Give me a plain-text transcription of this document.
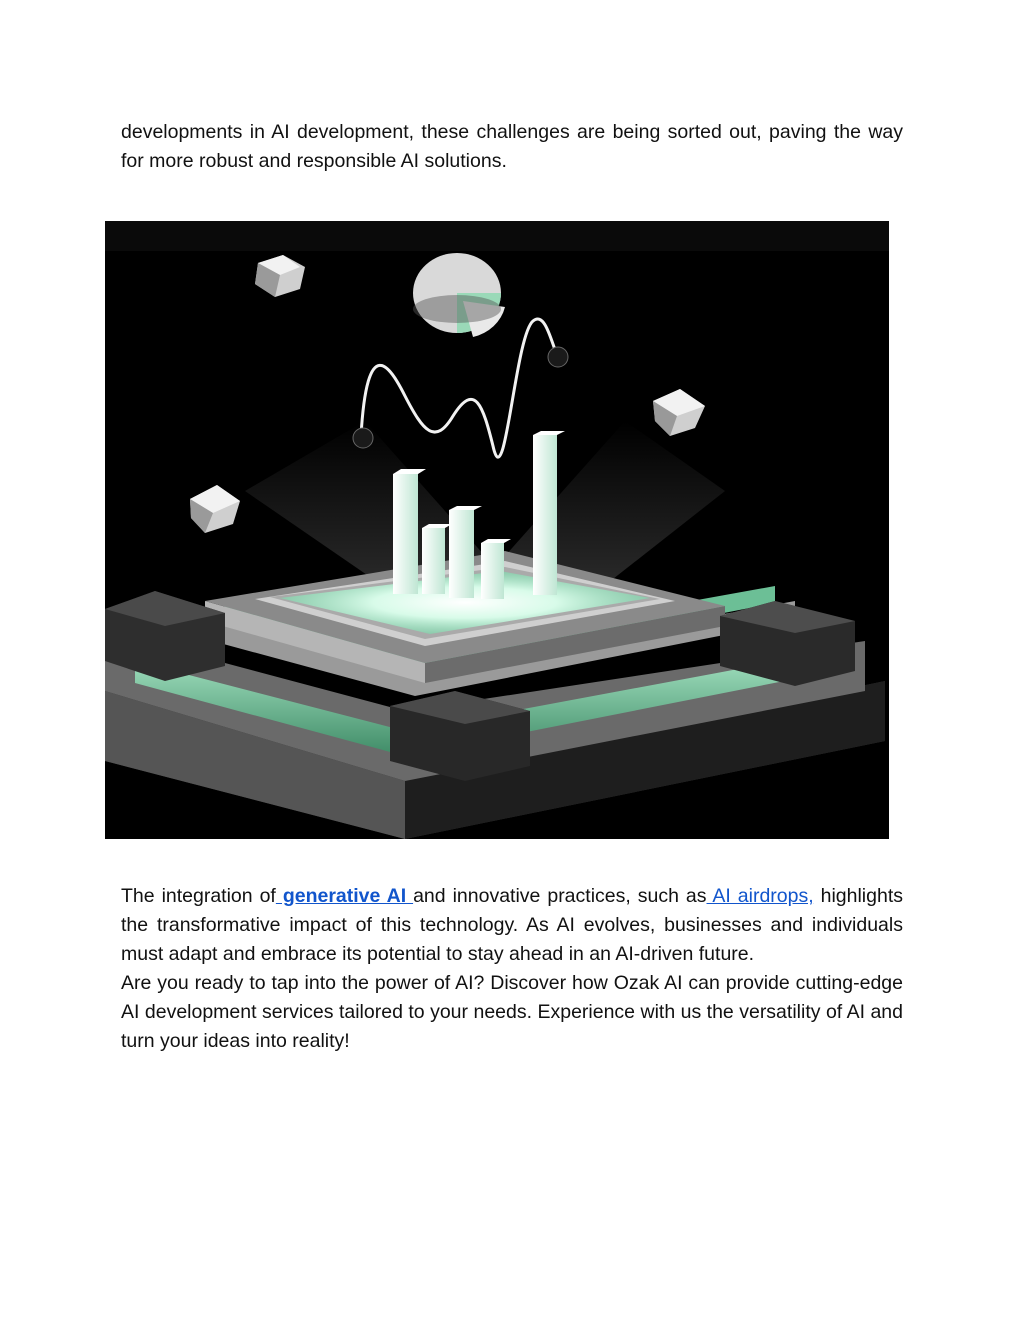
developments in AI development, these challenges are being sorted out, paving the way for more robust and responsible AI solutions.

The integration of generative AI and innovative practices, such as AI airdrops, highlights the transformative impact of this technology. As AI evolves, businesses and individuals must adapt and embrace its potential to stay ahead in an AI-driven future.
Are you ready to tap into the power of AI? Discover how Ozak AI can provide cutting-edge AI development services tailored to your needs. Experience with us the versatility of AI and turn your ideas into reality!
